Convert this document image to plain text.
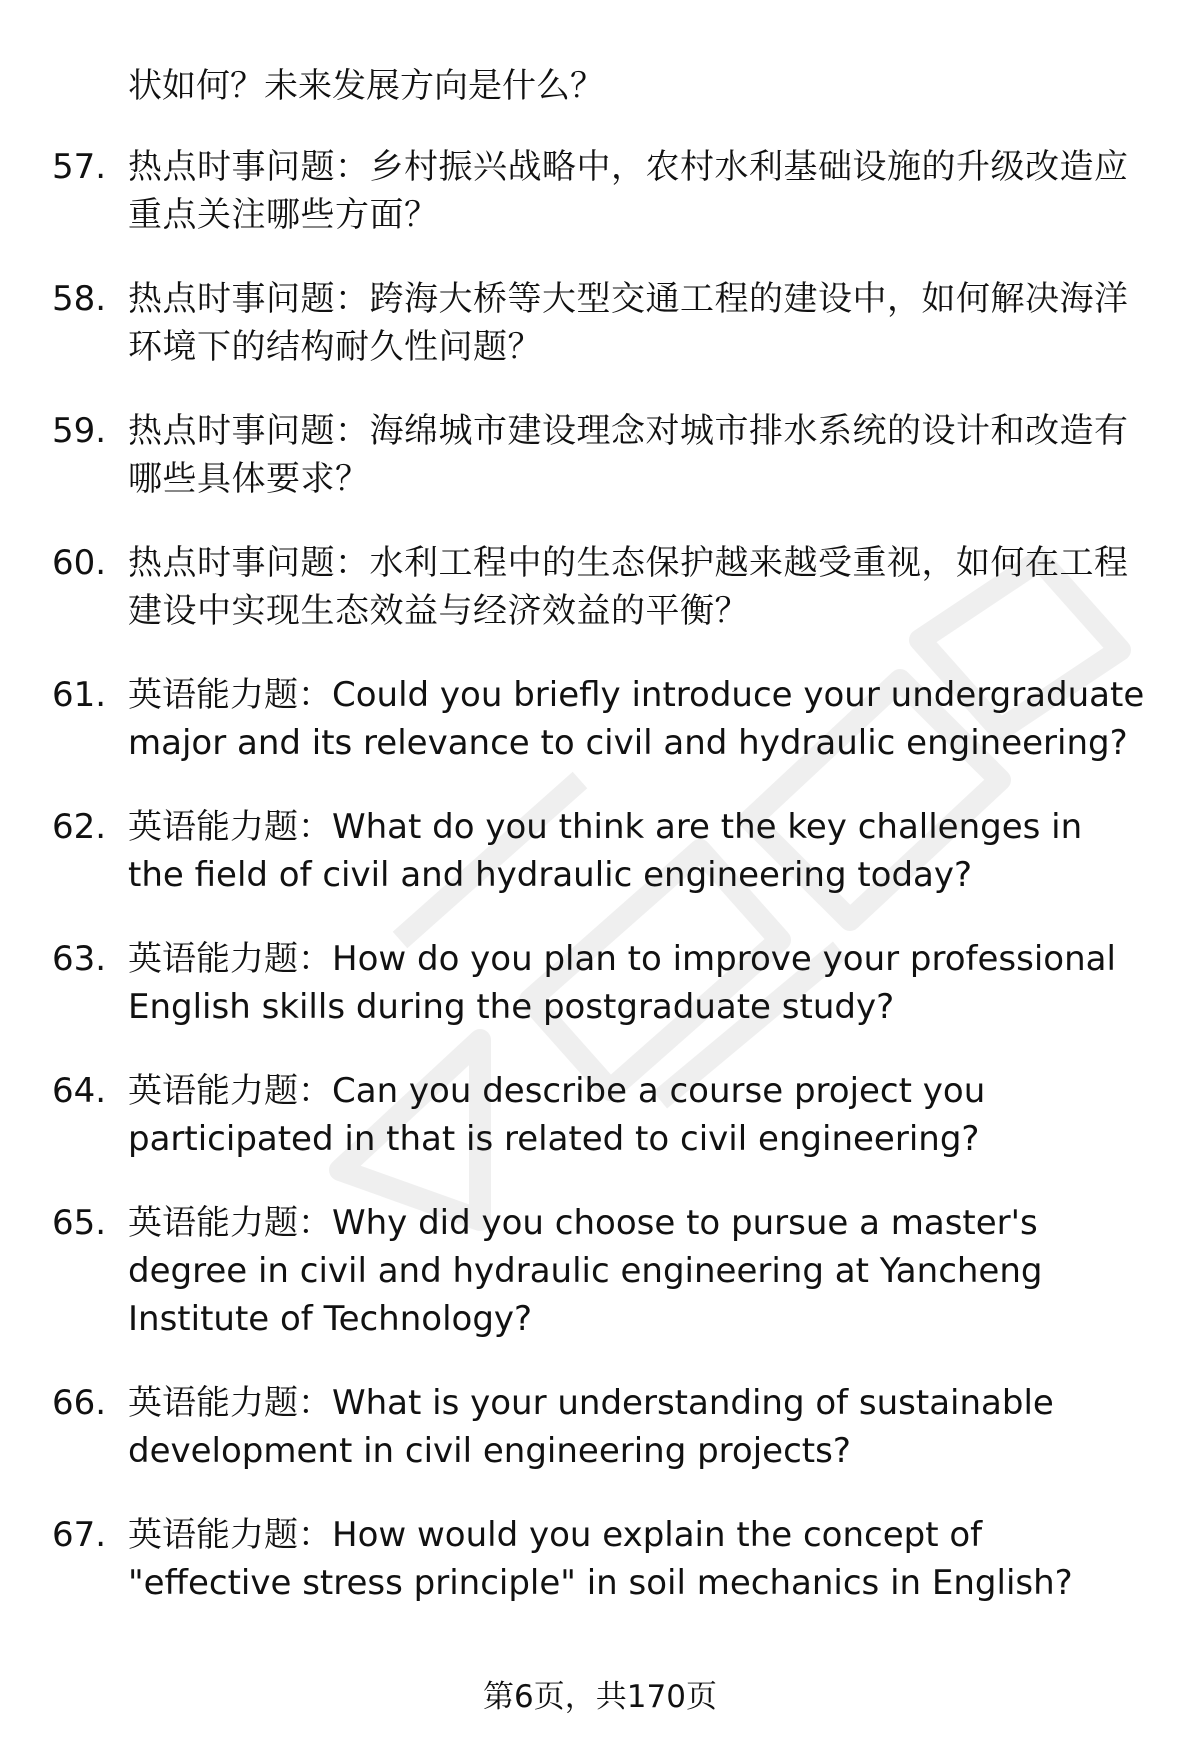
状如何？未来发展方向是什么？
57. 热点时事问题：乡村振兴战略中，农村水利基础设施的升级改造应重点关注哪些方面？
58. 热点时事问题：跨海大桥等大型交通工程的建设中，如何解决海洋环境下的结构耐久性问题？
59. 热点时事问题：海绵城市建设理念对城市排水系统的设计和改造有哪些具体要求？
60. 热点时事问题：水利工程中的生态保护越来越受重视，如何在工程建设中实现生态效益与经济效益的平衡？
61. 英语能力题：Could you briefly introduce your undergraduate major and its relevance to civil and hydraulic engineering?
62. 英语能力题：What do you think are the key challenges in the field of civil and hydraulic engineering today?
63. 英语能力题：How do you plan to improve your professional English skills during the postgraduate study?
64. 英语能力题：Can you describe a course project you participated in that is related to civil engineering?
65. 英语能力题：Why did you choose to pursue a master's degree in civil and hydraulic engineering at Yancheng Institute of Technology?
66. 英语能力题：What is your understanding of sustainable development in civil engineering projects?
67. 英语能力题：How would you explain the concept of "effective stress principle" in soil mechanics in English?
第6页，共170页
